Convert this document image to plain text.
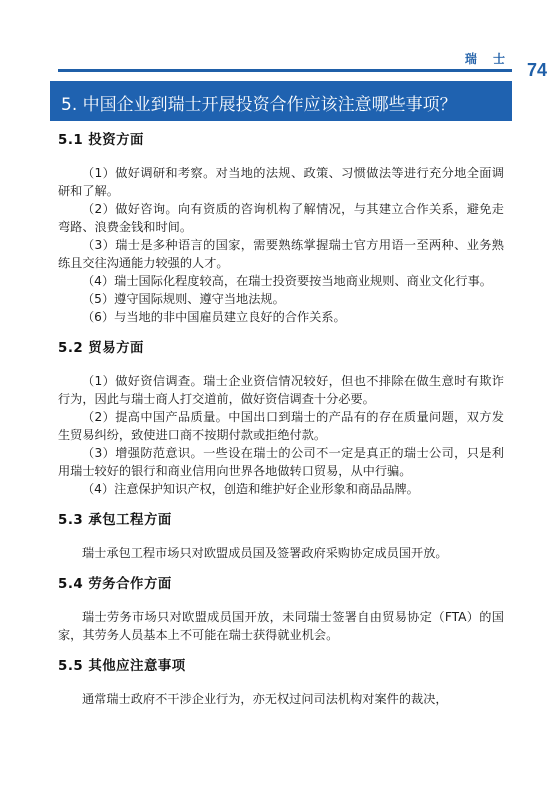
瑞 士
74
5. 中国企业到瑞士开展投资合作应该注意哪些事项？
5.1 投资方面

（1）做好调研和考察。对当地的法规、政策、习惯做法等进行充分地全面调研和了解。

（2）做好咨询。向有资质的咨询机构了解情况，与其建立合作关系，避免走弯路、浪费金钱和时间。

（3）瑞士是多种语言的国家，需要熟练掌握瑞士官方用语一至两种、业务熟练且交往沟通能力较强的人才。

（4）瑞士国际化程度较高，在瑞士投资要按当地商业规则、商业文化行事。

（5）遵守国际规则、遵守当地法规。

（6）与当地的非中国雇员建立良好的合作关系。

5.2 贸易方面

（1）做好资信调查。瑞士企业资信情况较好，但也不排除在做生意时有欺诈行为，因此与瑞士商人打交道前，做好资信调查十分必要。

（2）提高中国产品质量。中国出口到瑞士的产品有的存在质量问题，双方发生贸易纠纷，致使进口商不按期付款或拒绝付款。

（3）增强防范意识。一些设在瑞士的公司不一定是真正的瑞士公司，只是利用瑞士较好的银行和商业信用向世界各地做转口贸易，从中行骗。

（4）注意保护知识产权，创造和维护好企业形象和商品品牌。

5.3 承包工程方面

瑞士承包工程市场只对欧盟成员国及签署政府采购协定成员国开放。

5.4 劳务合作方面

瑞士劳务市场只对欧盟成员国开放，未同瑞士签署自由贸易协定（FTA）的国家，其劳务人员基本上不可能在瑞士获得就业机会。

5.5 其他应注意事项

通常瑞士政府不干涉企业行为，亦无权过问司法机构对案件的裁决，
